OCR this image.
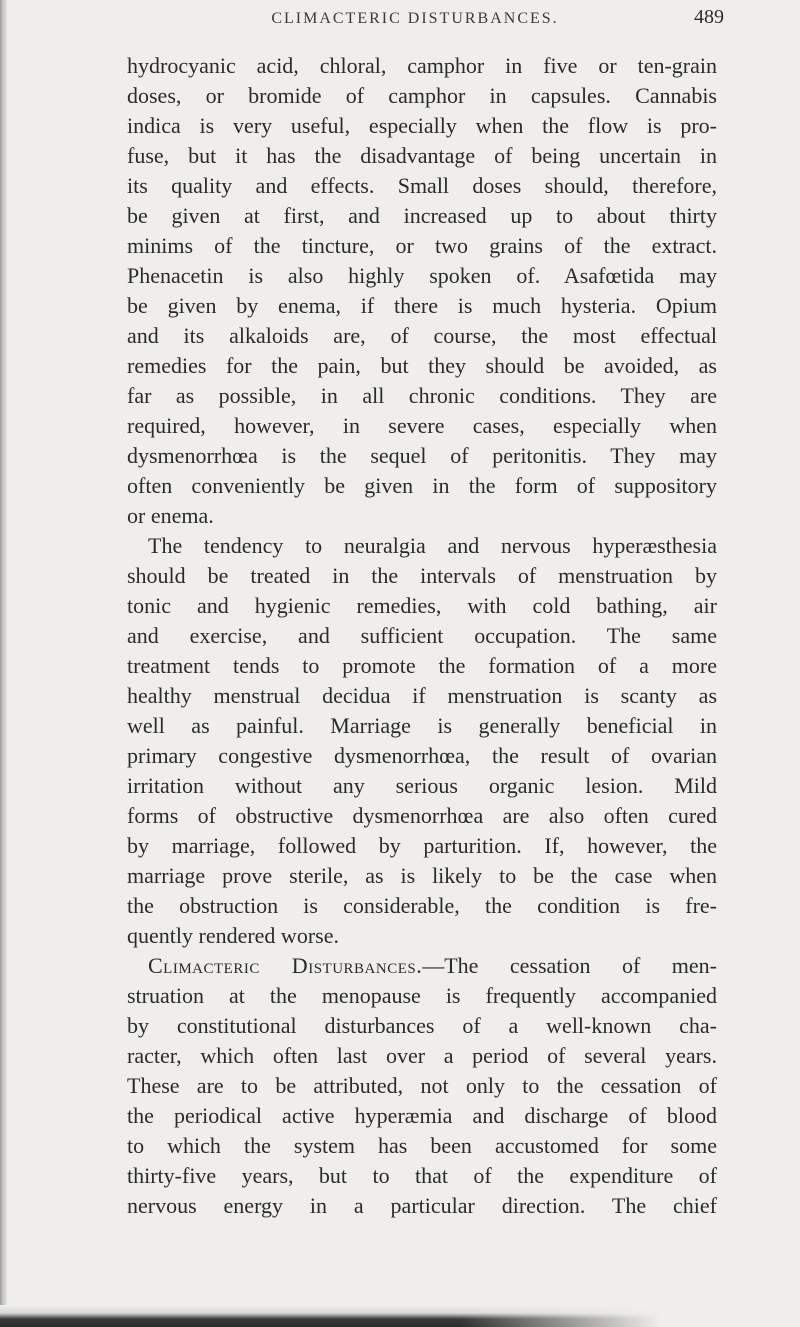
CLIMACTERIC DISTURBANCES.	489
hydrocyanic acid, chloral, camphor in five or ten-grain
doses, or bromide of camphor in capsules. Cannabis
indica is very useful, especially when the flow is pro-
fuse, but it has the disadvantage of being uncertain in
its quality and effects. Small doses should, therefore,
be given at first, and increased up to about thirty
minims of the tincture, or two grains of the extract.
Phenacetin is also highly spoken of. Asafœtida may
be given by enema, if there is much hysteria. Opium
and its alkaloids are, of course, the most effectual
remedies for the pain, but they should be avoided, as
far as possible, in all chronic conditions. They are
required, however, in severe cases, especially when
dysmenorrhœa is the sequel of peritonitis. They may
often conveniently be given in the form of suppository
or enema.
The tendency to neuralgia and nervous hyperæsthesia
should be treated in the intervals of menstruation by
tonic and hygienic remedies, with cold bathing, air
and exercise, and sufficient occupation. The same
treatment tends to promote the formation of a more
healthy menstrual decidua if menstruation is scanty as
well as painful. Marriage is generally beneficial in
primary congestive dysmenorrhœa, the result of ovarian
irritation without any serious organic lesion. Mild
forms of obstructive dysmenorrhœa are also often cured
by marriage, followed by parturition. If, however, the
marriage prove sterile, as is likely to be the case when
the obstruction is considerable, the condition is fre-
quently rendered worse.
Climacteric Disturbances.—The cessation of men-
struation at the menopause is frequently accompanied
by constitutional disturbances of a well-known cha-
racter, which often last over a period of several years.
These are to be attributed, not only to the cessation of
the periodical active hyperæmia and discharge of blood
to which the system has been accustomed for some
thirty-five years, but to that of the expenditure of
nervous energy in a particular direction. The chief
